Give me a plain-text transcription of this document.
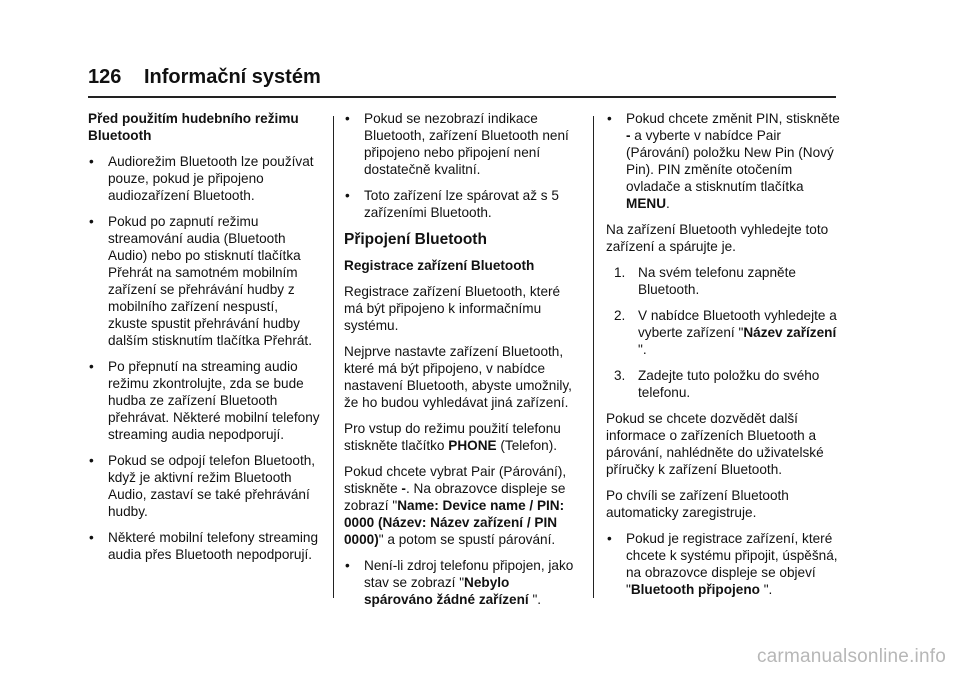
126 Informační systém

Před použitím hudebního režimu Bluetooth

• Audiorežim Bluetooth lze používat pouze, pokud je připojeno audiozařízení Bluetooth.
• Pokud po zapnutí režimu streamování audia (Bluetooth Audio) nebo po stisknutí tlačítka Přehrát na samotném mobilním zařízení se přehrávání hudby z mobilního zařízení nespustí, zkuste spustit přehrávání hudby dalším stisknutím tlačítka Přehrát.
• Po přepnutí na streaming audio režimu zkontrolujte, zda se bude hudba ze zařízení Bluetooth přehrávat. Některé mobilní telefony streaming audia nepodporují.
• Pokud se odpojí telefon Bluetooth, když je aktivní režim Bluetooth Audio, zastaví se také přehrávání hudby.
• Některé mobilní telefony streaming audia přes Bluetooth nepodporují.
• Pokud se nezobrazí indikace Bluetooth, zařízení Bluetooth není připojeno nebo připojení není dostatečně kvalitní.
• Toto zařízení lze spárovat až s 5 zařízeními Bluetooth.

Připojení Bluetooth

Registrace zařízení Bluetooth

Registrace zařízení Bluetooth, které má být připojeno k informačnímu systému.

Nejprve nastavte zařízení Bluetooth, které má být připojeno, v nabídce nastavení Bluetooth, abyste umožnily, že ho budou vyhledávat jiná zařízení.

Pro vstup do režimu použití telefonu stiskněte tlačítko PHONE (Telefon).

Pokud chcete vybrat Pair (Párování), stiskněte -. Na obrazovce displeje se zobrazí "Name: Device name / PIN: 0000 (Název: Název zařízení / PIN 0000)" a potom se spustí párování.

• Není-li zdroj telefonu připojen, jako stav se zobrazí "Nebylo spárováno žádné zařízení ".
• Pokud chcete změnit PIN, stiskněte - a vyberte v nabídce Pair (Párování) položku New Pin (Nový Pin). PIN změníte otočením ovladače a stisknutím tlačítka MENU.

Na zařízení Bluetooth vyhledejte toto zařízení a spárujte je.

1. Na svém telefonu zapněte Bluetooth.
2. V nabídce Bluetooth vyhledejte a vyberte zařízení "Název zařízení ".
3. Zadejte tuto položku do svého telefonu.

Pokud se chcete dozvědět další informace o zařízeních Bluetooth a párování, nahlédněte do uživatelské příručky k zařízení Bluetooth.

Po chvíli se zařízení Bluetooth automaticky zaregistruje.

• Pokud je registrace zařízení, které chcete k systému připojit, úspěšná, na obrazovce displeje se objeví "Bluetooth připojeno ".
carmanualsonline.info
